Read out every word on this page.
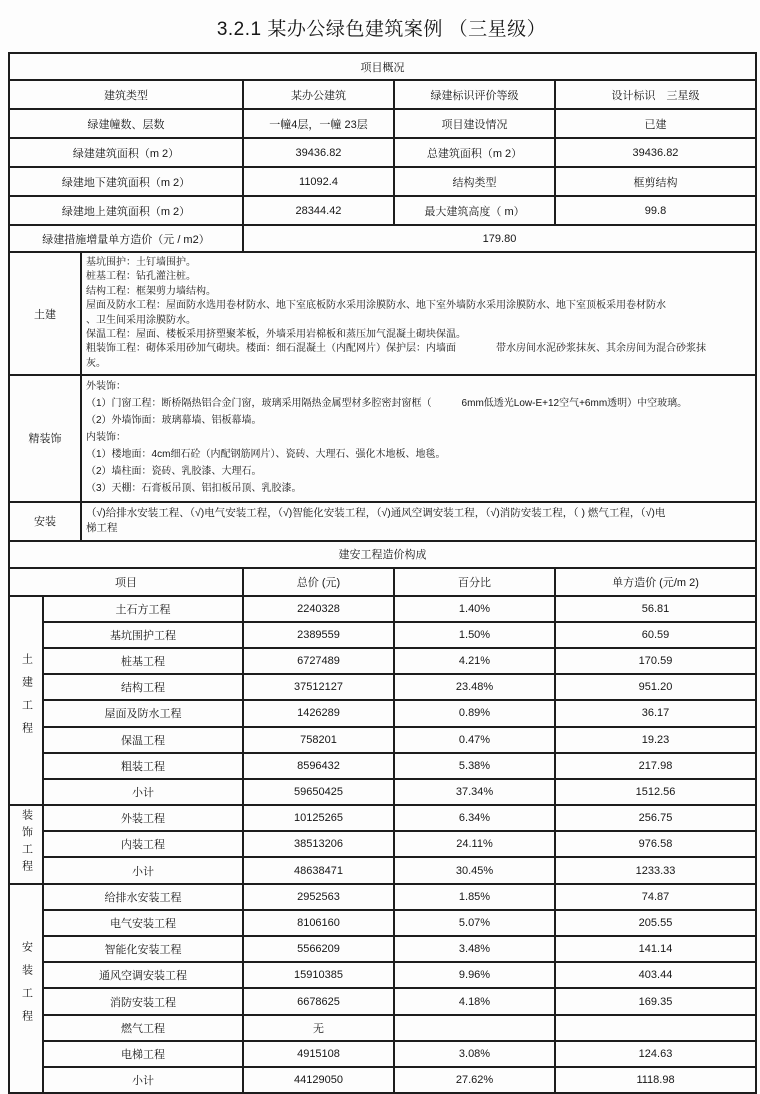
3.2.1 某办公绿色建筑案例 （三星级）
项目概况			
建筑类型	某办公建筑	绿建标识评价等级	设计标识　三星级
绿建幢数、层数	一幢4层，一幢 23层	项目建设情况	已建
绿建建筑面积（m 2）	39436.82	总建筑面积（m 2）	39436.82
绿建地下建筑面积（m 2）	11092.4	结构类型	框剪结构
绿建地上建筑面积（m 2）	28344.42	最大建筑高度（ m）	99.8
绿建措施增量单方造价（元 / m2）	179.80		
土建	
基坑围护：土钉墙围护。
桩基工程：钻孔灌注桩。
结构工程：框架剪力墙结构。
屋面及防水工程：屋面防水选用卷材防水、地下室底板防水采用涂膜防水、地下室外墙防水采用涂膜防水、地下室顶板采用卷材防水
、卫生间采用涂膜防水。
保温工程：屋面、楼板采用挤塑聚苯板，外墙采用岩棉板和蒸压加气混凝土砌块保温。
粗装饰工程：砌体采用砂加气砌块。楼面：细石混凝土（内配网片）保护层：内墙面　　　　带水房间水泥砂浆抹灰、其余房间为混合砂浆抹
灰。

精装饰	
外装饰：
（1）门窗工程：断桥隔热铝合金门窗，玻璃采用隔热金属型材多腔密封窗框（　　　6mm低透光Low-E+12空气+6mm透明）中空玻璃。
（2）外墙饰面：玻璃幕墙、铝板幕墙。
内装饰：
（1）楼地面：4cm细石砼（内配钢筋网片）、瓷砖、大理石、强化木地板、地毯。
（2）墙柱面：瓷砖、乳胶漆、大理石。
（3）天棚：石膏板吊顶、铝扣板吊顶、乳胶漆。

安装	（√)给排水安装工程、（√)电气安装工程，（√)智能化安装工程，（√)通风空调安装工程，（√)消防安装工程，（ ) 燃气工程，（√)电
梯工程
建安工程造价构成				
项目		总价 (元)	百分比	单方造价 (元/m 2)
土建工程	土石方工程	2240328	1.40%	56.81
	基坑围护工程	2389559	1.50%	60.59
	桩基工程	6727489	4.21%	170.59
	结构工程	37512127	23.48%	951.20
	屋面及防水工程	1426289	0.89%	36.17
	保温工程	758201	0.47%	19.23
	粗装工程	8596432	5.38%	217.98
	小计	59650425	37.34%	1512.56
装饰工程	外装工程	10125265	6.34%	256.75
	内装工程	38513206	24.11%	976.58
	小计	48638471	30.45%	1233.33
安装工程	给排水安装工程	2952563	1.85%	74.87
	电气安装工程	8106160	5.07%	205.55
	智能化安装工程	5566209	3.48%	141.14
	通风空调安装工程	15910385	9.96%	403.44
	消防安装工程	6678625	4.18%	169.35
	燃气工程	无		
	电梯工程	4915108	3.08%	124.63
	小计	44129050	27.62%	1118.98
